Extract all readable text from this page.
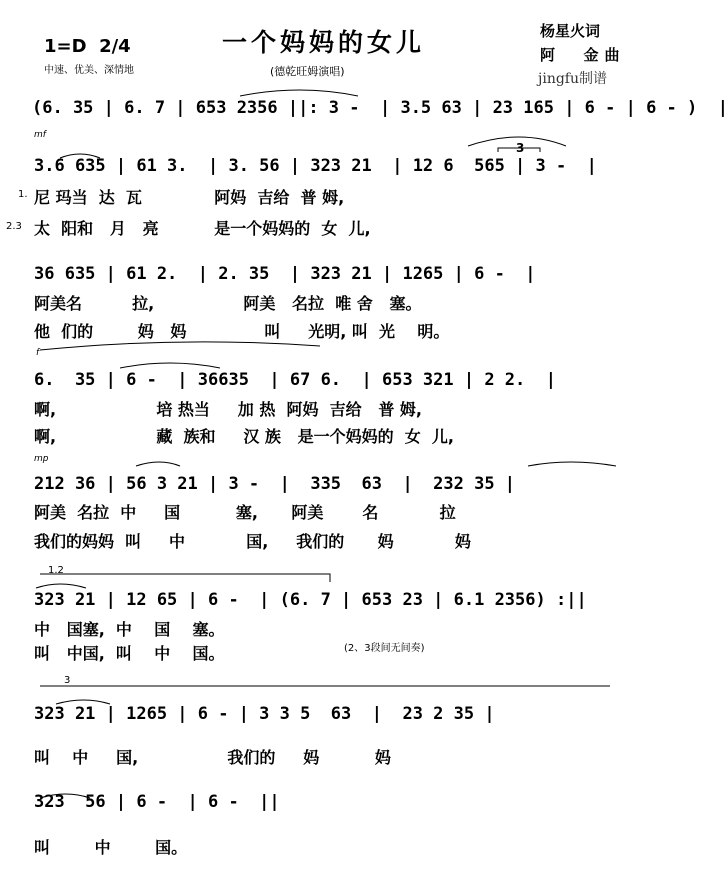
1=D  2/4
中速、优美、深情地
一个妈妈的女儿
(德乾旺姆演唱)
杨星火词
阿  金曲
jingfu制谱
(6. 35 | 6. 7 | 653 2356 ||: 3 -  | 3.5 63 | 23 165 | 6 - | 6 - )  |
mf
3
3.6 635 | 61 3.  | 3. 56 | 323 21  | 12 6  565 | 3 -  |
1.
2.3
尼 玛当  达  瓦             阿妈  吉给  普 姆,
太  阳和   月   亮          是一个妈妈的  女  儿,
36 635 | 61 2.  | 2. 35  | 323 21 | 1265 | 6 -  |
阿美名         拉,                阿美   名拉  唯 舍   塞。
他  们的        妈   妈              叫     光明, 叫  光    明。
f
6.  35 | 6 -  | 36635  | 67 6.  | 653 321 | 2 2.  |
啊,                  培 热当     加 热  阿妈  吉给   普 姆,
啊,                  藏  族和     汉 族   是一个妈妈的  女  儿,
mp
212 36 | 56 3 21 | 3 -  |  335  63  |  232 35 |
阿美  名拉  中     国          塞,      阿美       名           拉
我们的妈妈  叫     中           国,     我们的      妈           妈
1.2
323 21 | 12 65 | 6 -  | (6. 7 | 653 23 | 6.1 2356) :||
中   国塞,  中    国    塞。
叫   中国,  叫    中    国。	(2、3段间无间奏)
3
323 21 | 1265 | 6 - | 3 3 5  63  |  23 2 35 |
叫    中     国,                我们的     妈          妈
323  56 | 6 -  | 6 -  ||
叫        中        国。
